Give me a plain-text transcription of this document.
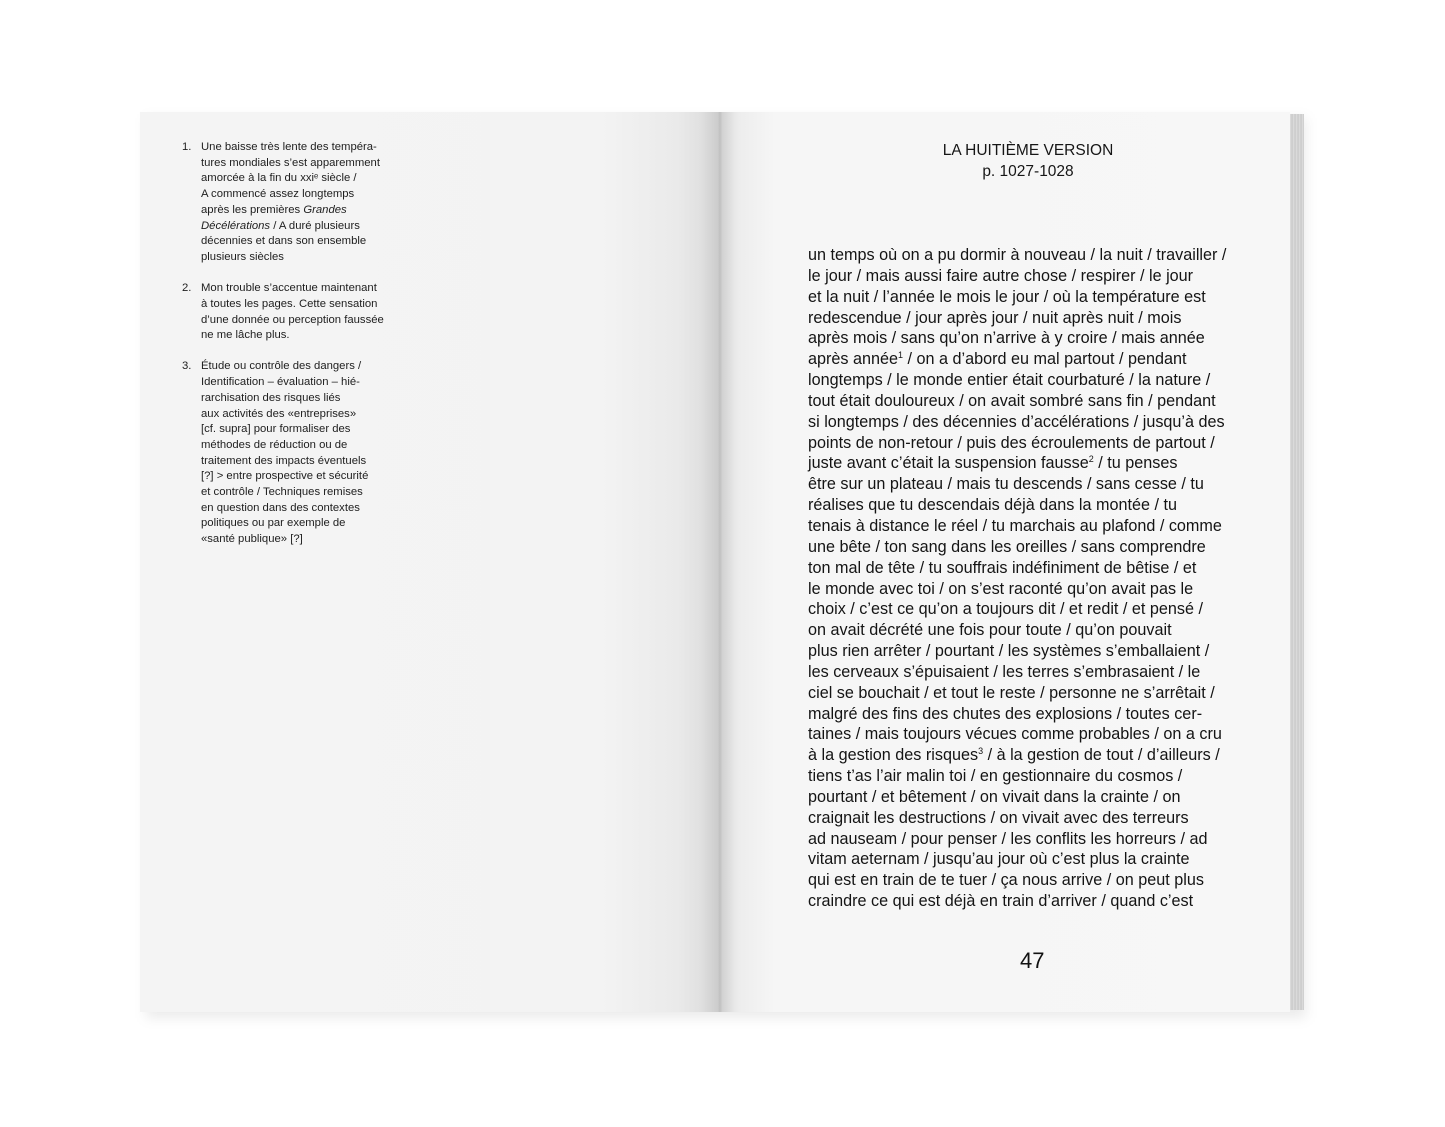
1. Une baisse très lente des tempéra-
tures mondiales s’est apparemment
amorcée à la fin du xxiᵉ siècle /
A commencé assez longtemps
après les premières Grandes
Décélérations / A duré plusieurs
décennies et dans son ensemble
plusieurs siècles
2. Mon trouble s’accentue maintenant
à toutes les pages. Cette sensation
d’une donnée ou perception faussée
ne me lâche plus.
3. Étude ou contrôle des dangers /
Identification – évaluation – hié-
rarchisation des risques liés
aux activités des «entreprises»
[cf. supra] pour formaliser des
méthodes de réduction ou de
traitement des impacts éventuels
[?] > entre prospective et sécurité
et contrôle / Techniques remises
en question dans des contextes
politiques ou par exemple de
«santé publique» [?]
LA HUITIÈME VERSION
p. 1027-1028
un temps où on a pu dormir à nouveau / la nuit / travailler /
le jour / mais aussi faire autre chose / respirer / le jour
et la nuit / l’année le mois le jour / où la température est
redescendue / jour après jour / nuit après nuit / mois
après mois / sans qu’on n’arrive à y croire / mais année
après année$^1$ / on a d’abord eu mal partout / pendant
longtemps / le monde entier était courbaturé / la nature /
tout était douloureux / on avait sombré sans fin / pendant
si longtemps / des décennies d’accélérations / jusqu’à des
points de non-retour / puis des écroulements de partout /
juste avant c’était la suspension fausse$^2$ / tu penses
être sur un plateau / mais tu descends / sans cesse / tu
réalises que tu descendais déjà dans la montée / tu
tenais à distance le réel / tu marchais au plafond / comme
une bête / ton sang dans les oreilles / sans comprendre
ton mal de tête / tu souffrais indéfiniment de bêtise / et
le monde avec toi / on s’est raconté qu’on avait pas le
choix / c’est ce qu’on a toujours dit / et redit / et pensé /
on avait décrété une fois pour toute / qu’on pouvait
plus rien arrêter / pourtant / les systèmes s’emballaient /
les cerveaux s’épuisaient / les terres s’embrasaient / le
ciel se bouchait / et tout le reste / personne ne s’arrêtait /
malgré des fins des chutes des explosions / toutes cer-
taines / mais toujours vécues comme probables / on a cru
à la gestion des risques$^3$ / à la gestion de tout / d’ailleurs /
tiens t’as l’air malin toi / en gestionnaire du cosmos /
pourtant / et bêtement / on vivait dans la crainte / on
craignait les destructions / on vivait avec des terreurs
ad nauseam / pour penser / les conflits les horreurs / ad
vitam aeternam / jusqu’au jour où c’est plus la crainte
qui est en train de te tuer / ça nous arrive / on peut plus
craindre ce qui est déjà en train d’arriver / quand c’est
47
